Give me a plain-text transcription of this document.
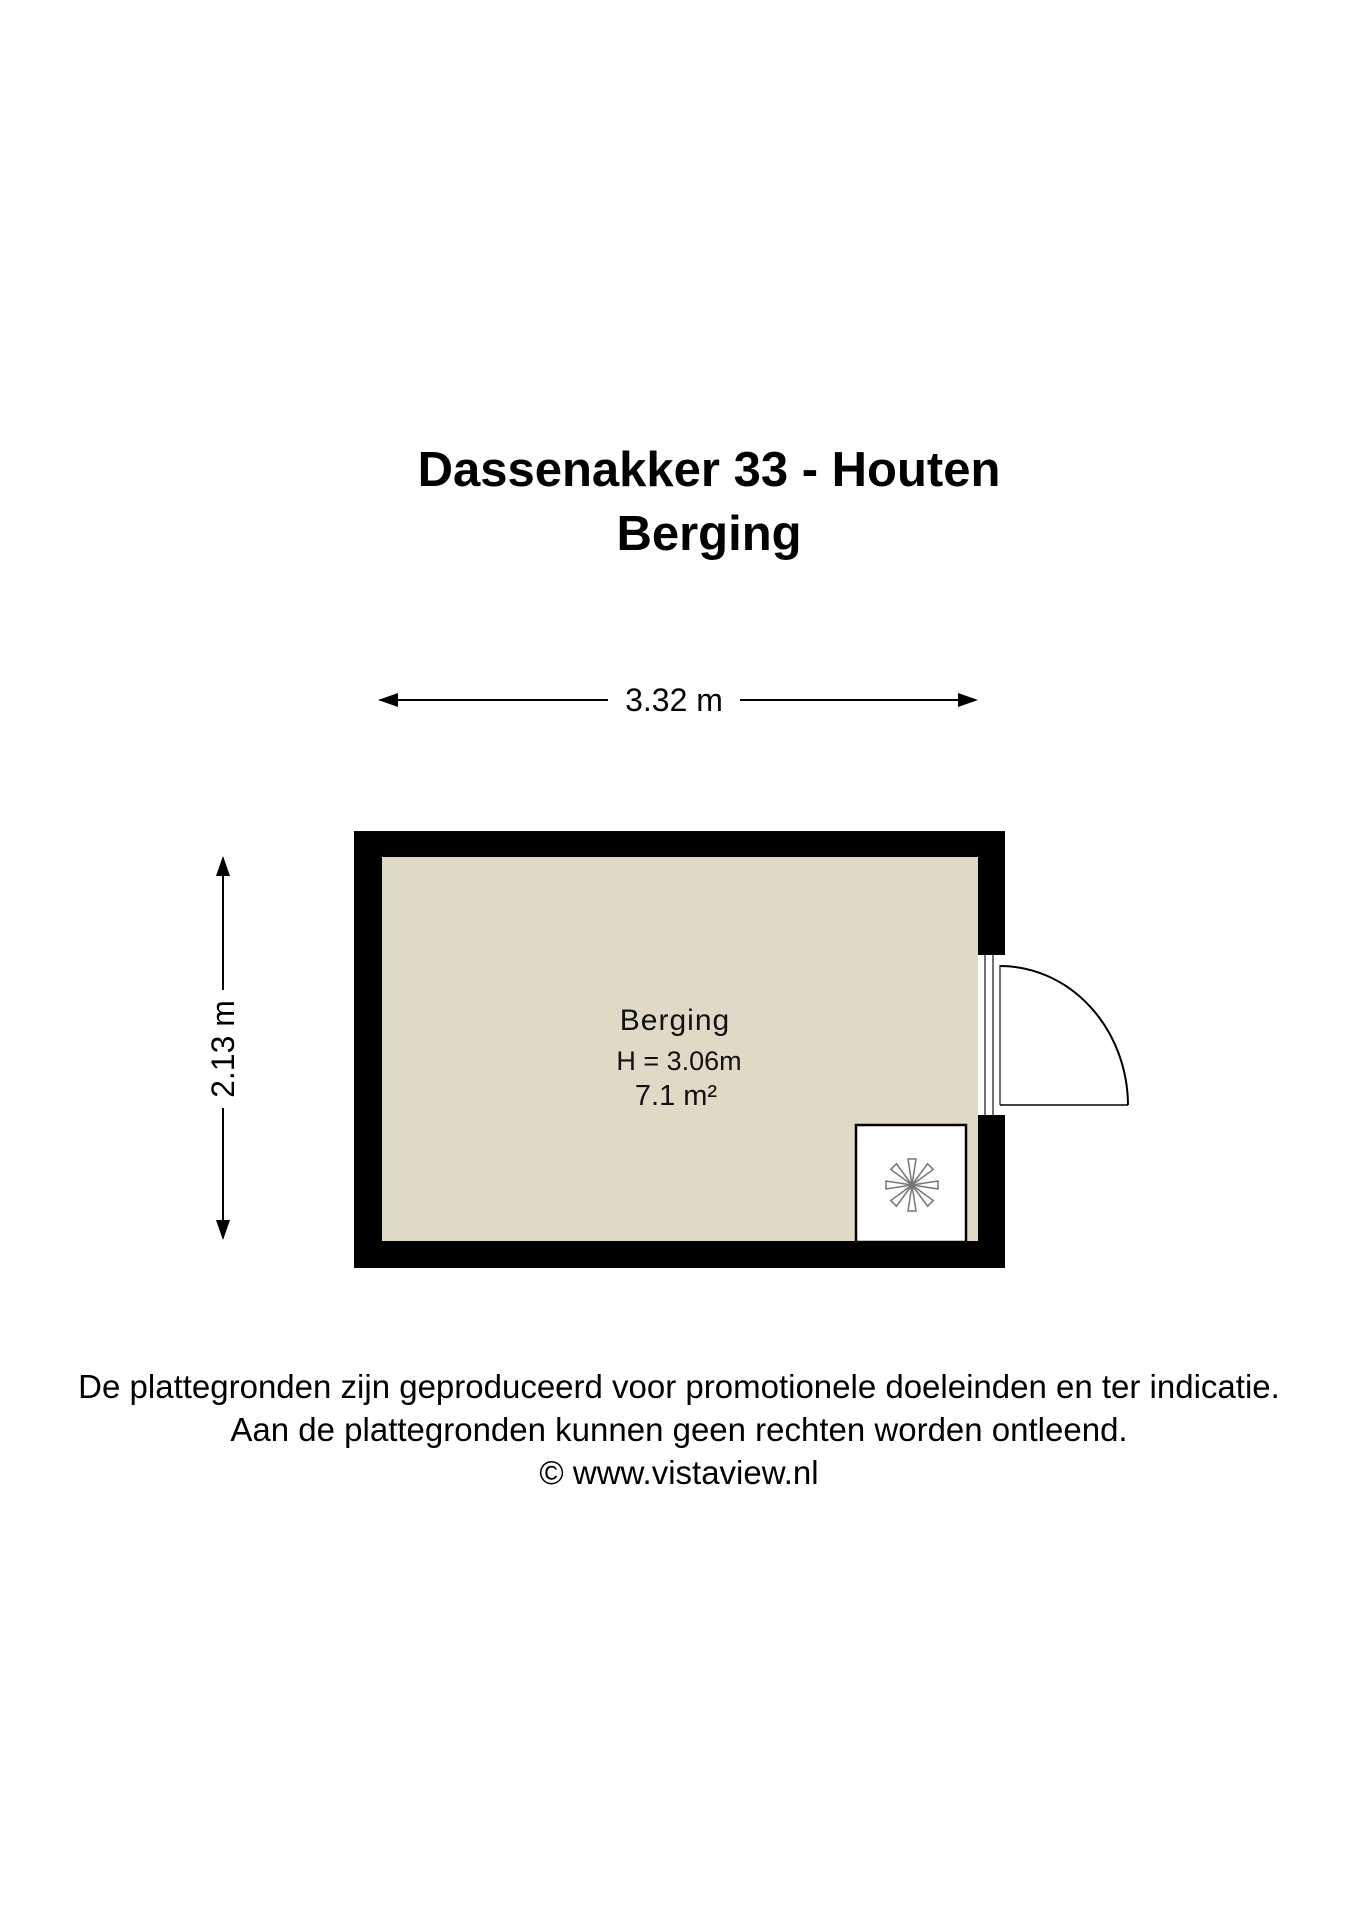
Dassenakker 33 - Houten
Berging
3.32 m
2.13 m	Berging
H = 3.06m
7.1 m²
De plattegronden zijn geproduceerd voor promotionele doeleinden en ter indicatie.
Aan de plattegronden kunnen geen rechten worden ontleend.
© www.vistaview.nl
